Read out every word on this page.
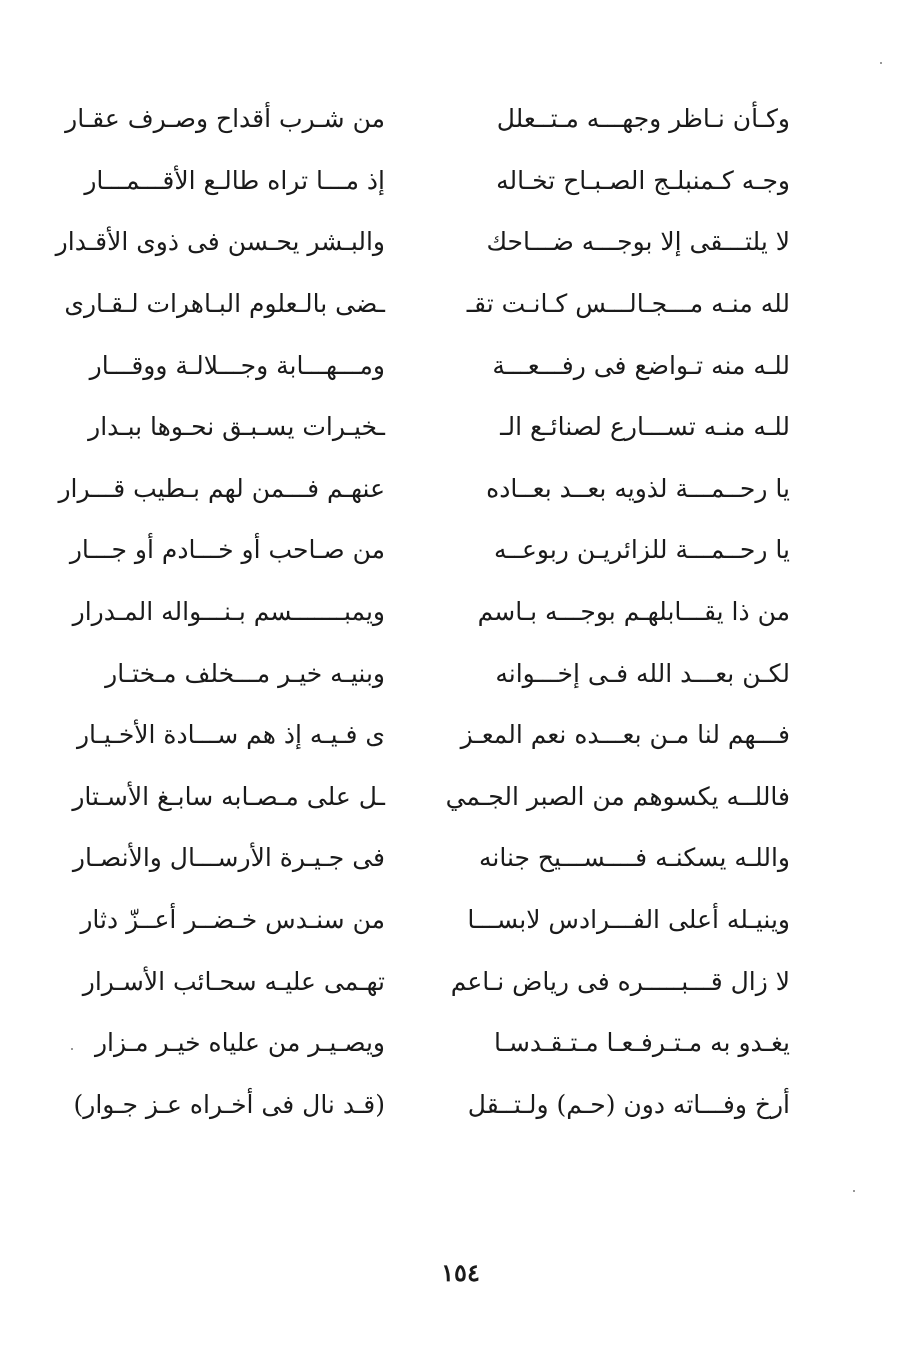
وكـأن نـاظر وجهـــه مـتــعلل
من شـرب أقداح وصـرف عقـار
وجـه كـمنبلـج الصـبـاح تخـاله
إذ مـــا تراه طالـع الأقـــمـــار
لا يلتـــقى إلا بوجـــه ضـــاحك
والبـشر يحـسن فى ذوى الأقـدار
لله منـه مـــجـالـــس كـانـت تقـ
ـضى بالـعلوم البـاهرات لـقـارى
للـه منه تـواضع فى رفـــعـــة
ومـــهـــابة وجـــلالـة ووقـــار
للـه منـه تســـارع لصنائـع الـ
ـخيـرات يسـبـق نحـوها ببـدار
يا رحــمـــة لذويه بعــد بعــاده
عنهـم فـــمن لهم بـطيب قـــرار
يا رحــمـــة للزائريـن ربوعــه
من صـاحب أو خـــادم أو جـــار
من ذا يقـــابلهـم بوجـــه بـاسم
ويمبـــــــسم بـنـــواله المـدرار
لكـن بعـــد الله فـى إخـــوانه
وبنيـه خيـر مـــخلف مـختـار
فـــهم لنا مـن بعـــده نعم المعـز
ى فـيـه إذ هم ســـادة الأخـيـار
فاللــه يكسوهم من الصبر الجـمي
ـل على مـصـابه سابـغ الأسـتار
واللـه يسكنـه فــــســـيح جنانه
فى جـيـرة الأرســـال والأنصـار
وينيـله أعلى الفـــرادس لابســـا
من سنـدس خـضــر أعــزّ دثار
لا زال قـــبـــــره فى رياض نـاعم
تهـمى عليـه سحـائب الأسـرار
يغـدو به مـتـرفـعـا مـتـقـدسـا
ويصـيـر من علياه خيـر مـزار
أرخ وفـــاته دون (حـم) ولـتــقل
(قـد نال فى أخـراه عـز جـوار)
١٥٤
